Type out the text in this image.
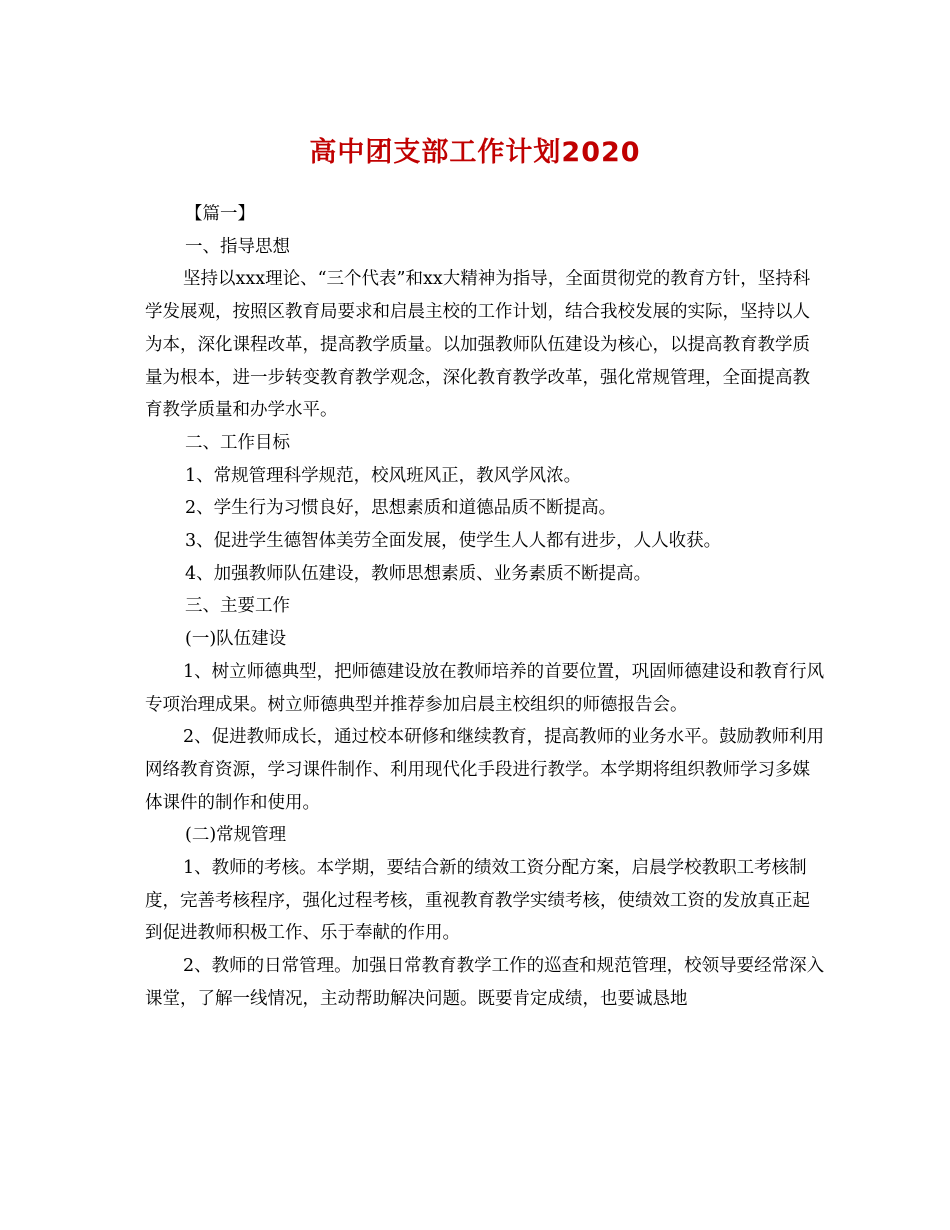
高中团支部工作计划2020

【篇一】

一、指导思想

坚持以xxx理论、“三个代表”和xx大精神为指导，全面贯彻党的教育方针，坚持科学发展观，按照区教育局要求和启晨主校的工作计划，结合我校发展的实际，坚持以人为本，深化课程改革，提高教学质量。以加强教师队伍建设为核心，以提高教育教学质量为根本，进一步转变教育教学观念，深化教育教学改革，强化常规管理，全面提高教育教学质量和办学水平。

二、工作目标

1、常规管理科学规范，校风班风正，教风学风浓。

2、学生行为习惯良好，思想素质和道德品质不断提高。

3、促进学生德智体美劳全面发展，使学生人人都有进步，人人收获。

4、加强教师队伍建设，教师思想素质、业务素质不断提高。

三、主要工作

(一)队伍建设

1、树立师德典型，把师德建设放在教师培养的首要位置，巩固师德建设和教育行风专项治理成果。树立师德典型并推荐参加启晨主校组织的师德报告会。

2、促进教师成长，通过校本研修和继续教育，提高教师的业务水平。鼓励教师利用网络教育资源，学习课件制作、利用现代化手段进行教学。本学期将组织教师学习多媒体课件的制作和使用。

(二)常规管理

1、教师的考核。本学期，要结合新的绩效工资分配方案，启晨学校教职工考核制度，完善考核程序，强化过程考核，重视教育教学实绩考核，使绩效工资的发放真正起到促进教师积极工作、乐于奉献的作用。

2、教师的日常管理。加强日常教育教学工作的巡查和规范管理，校领导要经常深入课堂，了解一线情况，主动帮助解决问题。既要肯定成绩，也要诚恳地
